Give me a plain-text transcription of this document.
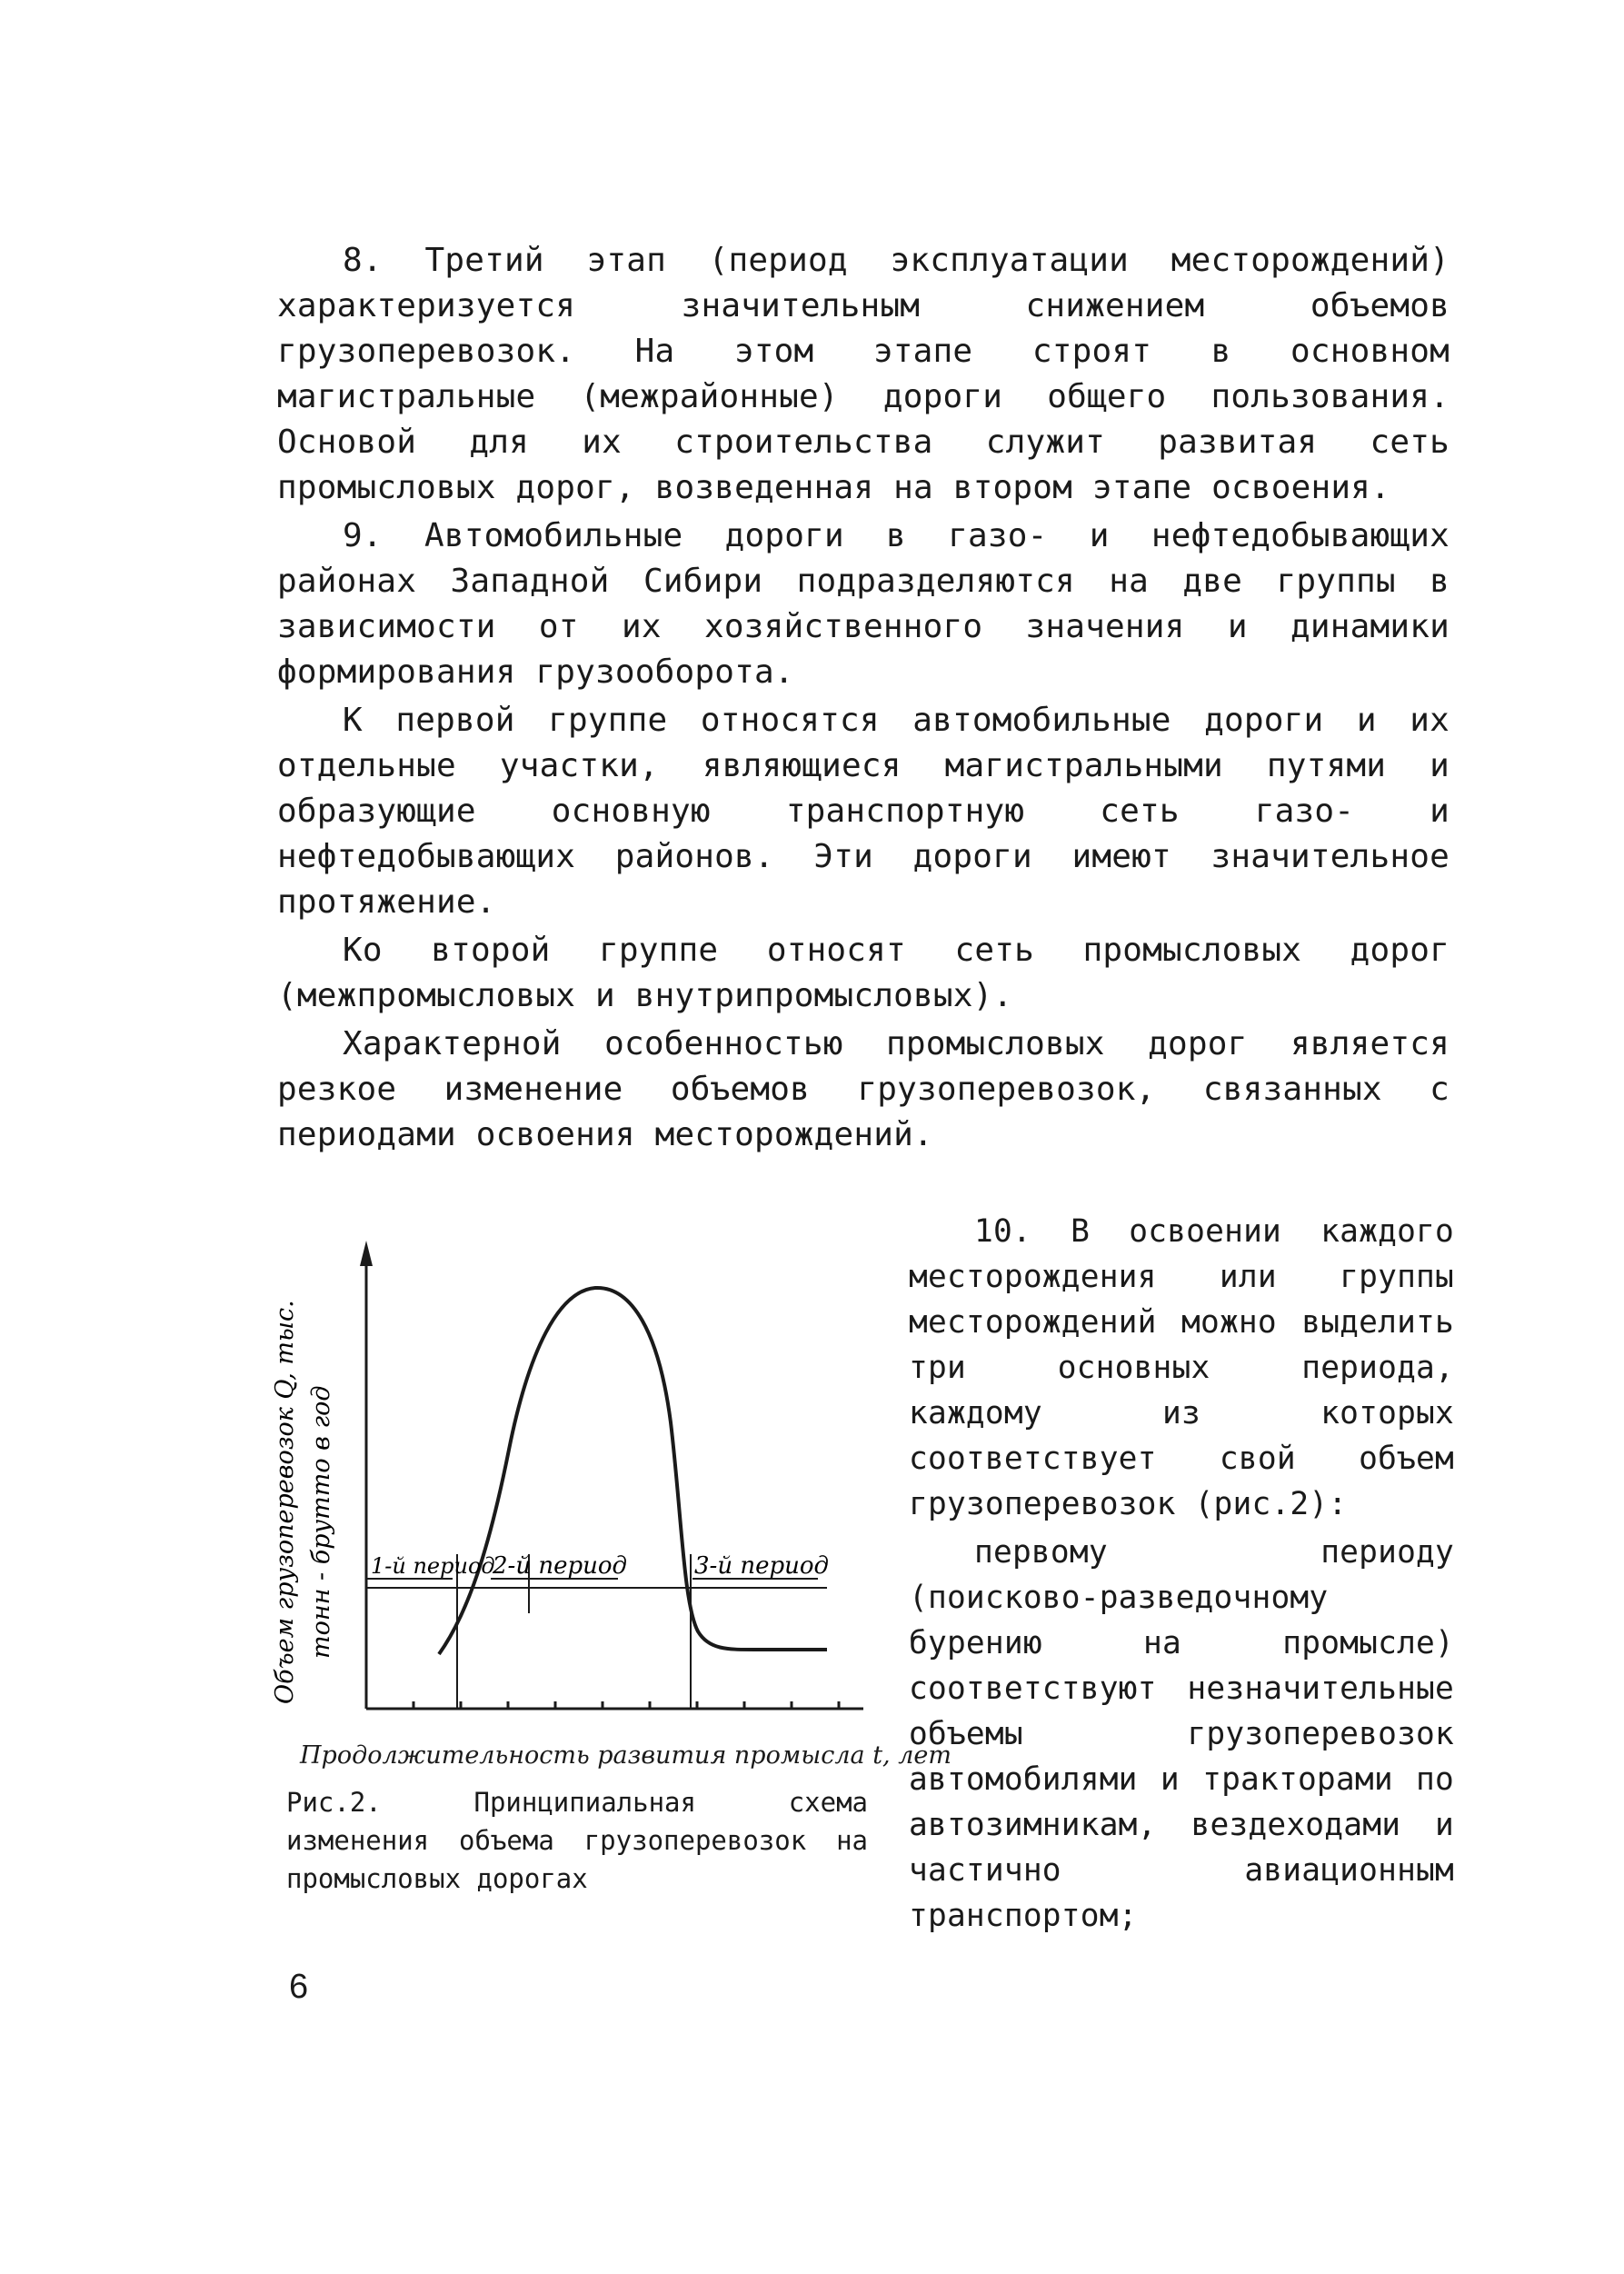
8. Третий этап (период эксплуатации месторождений) характеризуется значительным снижением объемов грузоперевозок. На этом этапе строят в основном магистральные (межрайонные) дороги общего пользования. Основой для их строительства служит развитая сеть промысловых дорог, возведенная на втором этапе освоения.

9. Автомобильные дороги в газо- и нефтедобывающих районах Западной Сибири подразделяются на две группы в зависимости от их хозяйственного значения и динамики формирования грузооборота.

К первой группе относятся автомобильные дороги и их отдельные участки, являющиеся магистральными путями и образующие основную транспортную сеть газо- и нефтедобывающих районов. Эти дороги имеют значительное протяжение.

Ко второй группе относят сеть промысловых дорог (межпромысловых и внутрипромысловых).

Характерной особенностью промысловых дорог является резкое изменение объемов грузоперевозок, связанных с периодами освоения месторождений.

1-й период
2-й период	3-й период
Объем грузоперевозок Q, тыс. тонн - брутто в год
Продолжительность развития промысла t, лет

Рис.2. Принципиальная схема изменения объема грузоперевозок на промысловых дорогах

10. В освоении каждого месторождения или группы месторождений можно выделить три основных периода, каждому из которых соответствует свой объем грузоперевозок (рис.2):

первому периоду (поисково-разведочному бурению на промысле) соответствуют незначительные объемы грузоперевозок автомобилями и тракторами по автозимникам, вездеходами и частично авиационным транспортом;

6
